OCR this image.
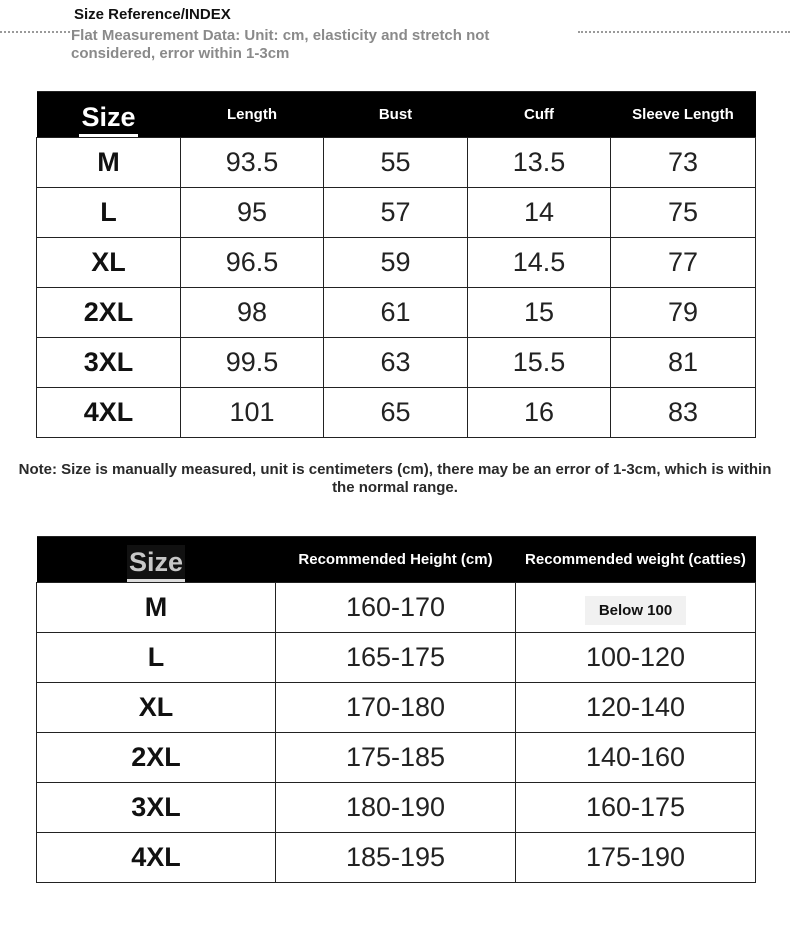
Size Reference/INDEX
Flat Measurement Data: Unit: cm, elasticity and stretch not considered, error within 1-3cm
Size	Length	Bust	Cuff	Sleeve Length
M	93.5	55	13.5	73
L	95	57	14	75
XL	96.5	59	14.5	77
2XL	98	61	15	79
3XL	99.5	63	15.5	81
4XL	101	65	16	83
Note: Size is manually measured, unit is centimeters (cm), there may be an error of 1-3cm, which is within the normal range.
Size	Recommended Height (cm)	Recommended weight (catties)
M	160-170	Below 100
L	165-175	100-120
XL	170-180	120-140
2XL	175-185	140-160
3XL	180-190	160-175
4XL	185-195	175-190
